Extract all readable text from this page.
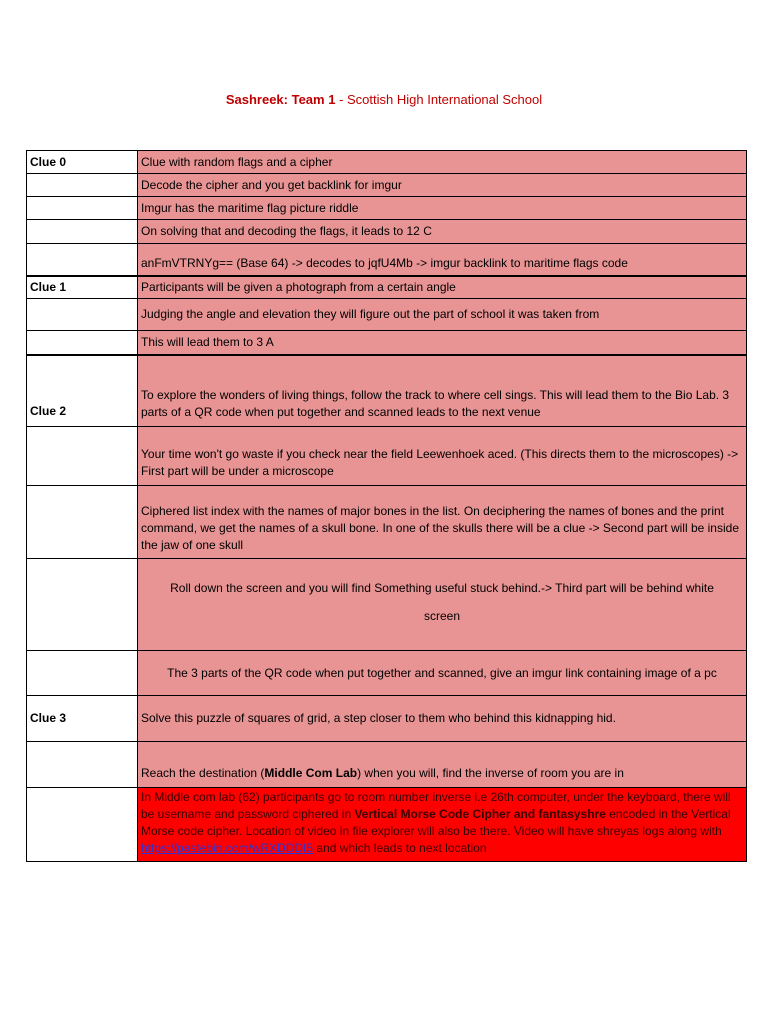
Sashreek: Team 1 - Scottish High International School
Clue 0	Clue with random flags and a cipher
	Decode the cipher and you get backlink for imgur
	Imgur has the maritime flag picture riddle
	On solving that and decoding the flags, it leads to 12 C
	anFmVTRNYg== (Base 64) -> decodes to jqfU4Mb -> imgur backlink to maritime flags code
Clue 1	Participants will be given a photograph from a certain angle
	Judging the angle and elevation they will figure out the part of school it was taken from
	This will lead them to 3 A
Clue 2	To explore the wonders of living things, follow the track to where cell sings. This will lead them to the Bio Lab. 3 parts of a QR code when put together and scanned leads to the next venue
	Your time won't go waste if you check near the field Leewenhoek aced. (This directs them to the microscopes) -> First part will be under a microscope
	Ciphered list index with the names of major bones in the list. On deciphering the names of bones and the print command, we get the names of a skull bone. In one of the skulls there will be a clue -> Second part will be inside the jaw of one skull
	Roll down the screen and you will find Something useful stuck behind.-> Third part will be behind white
screen
	The 3 parts of the QR code when put together and scanned, give an imgur link containing image of a pc
Clue 3	Solve this puzzle of squares of grid, a step closer to them who behind this kidnapping hid.
	Reach the destination (Middle Com Lab) when you will, find the inverse of room you are in
	In Middle com lab (62) participants go to room number inverse i.e 26th computer, under the keyboard, there will be username and password ciphered in Vertical Morse Code Cipher and fantasyshre encoded in the Vertical Morse code cipher. Location of video in file explorer will also be there. Video will have shreyas logs along with https://pastebin.com/wRXDDDI5 and which leads to next location
